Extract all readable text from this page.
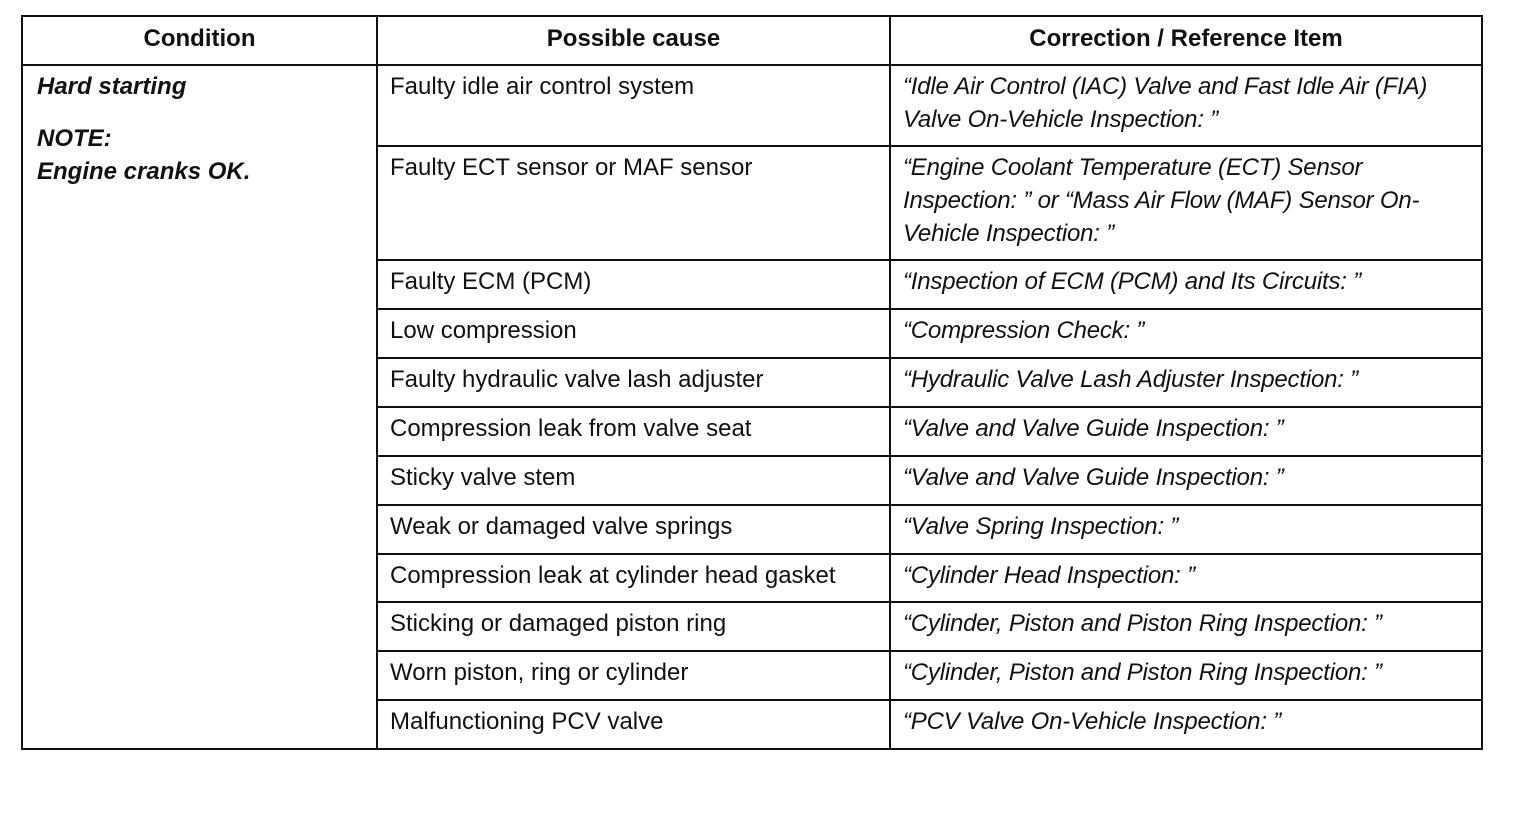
Condition	Possible cause	Correction / Reference Item

Hard starting
NOTE:
Engine cranks OK.	Faulty idle air control system	“Idle Air Control (IAC) Valve and Fast Idle Air (FIA) Valve On-Vehicle Inspection: ”
	Faulty ECT sensor or MAF sensor	“Engine Coolant Temperature (ECT) Sensor Inspection: ” or “Mass Air Flow (MAF) Sensor On-Vehicle Inspection: ”
	Faulty ECM (PCM)	“Inspection of ECM (PCM) and Its Circuits: ”
	Low compression	“Compression Check: ”
	Faulty hydraulic valve lash adjuster	“Hydraulic Valve Lash Adjuster Inspection: ”
	Compression leak from valve seat	“Valve and Valve Guide Inspection: ”
	Sticky valve stem	“Valve and Valve Guide Inspection: ”
	Weak or damaged valve springs	“Valve Spring Inspection: ”
	Compression leak at cylinder head gasket	“Cylinder Head Inspection: ”
	Sticking or damaged piston ring	“Cylinder, Piston and Piston Ring Inspection: ”
	Worn piston, ring or cylinder	“Cylinder, Piston and Piston Ring Inspection: ”
	Malfunctioning PCV valve	“PCV Valve On-Vehicle Inspection: ”
